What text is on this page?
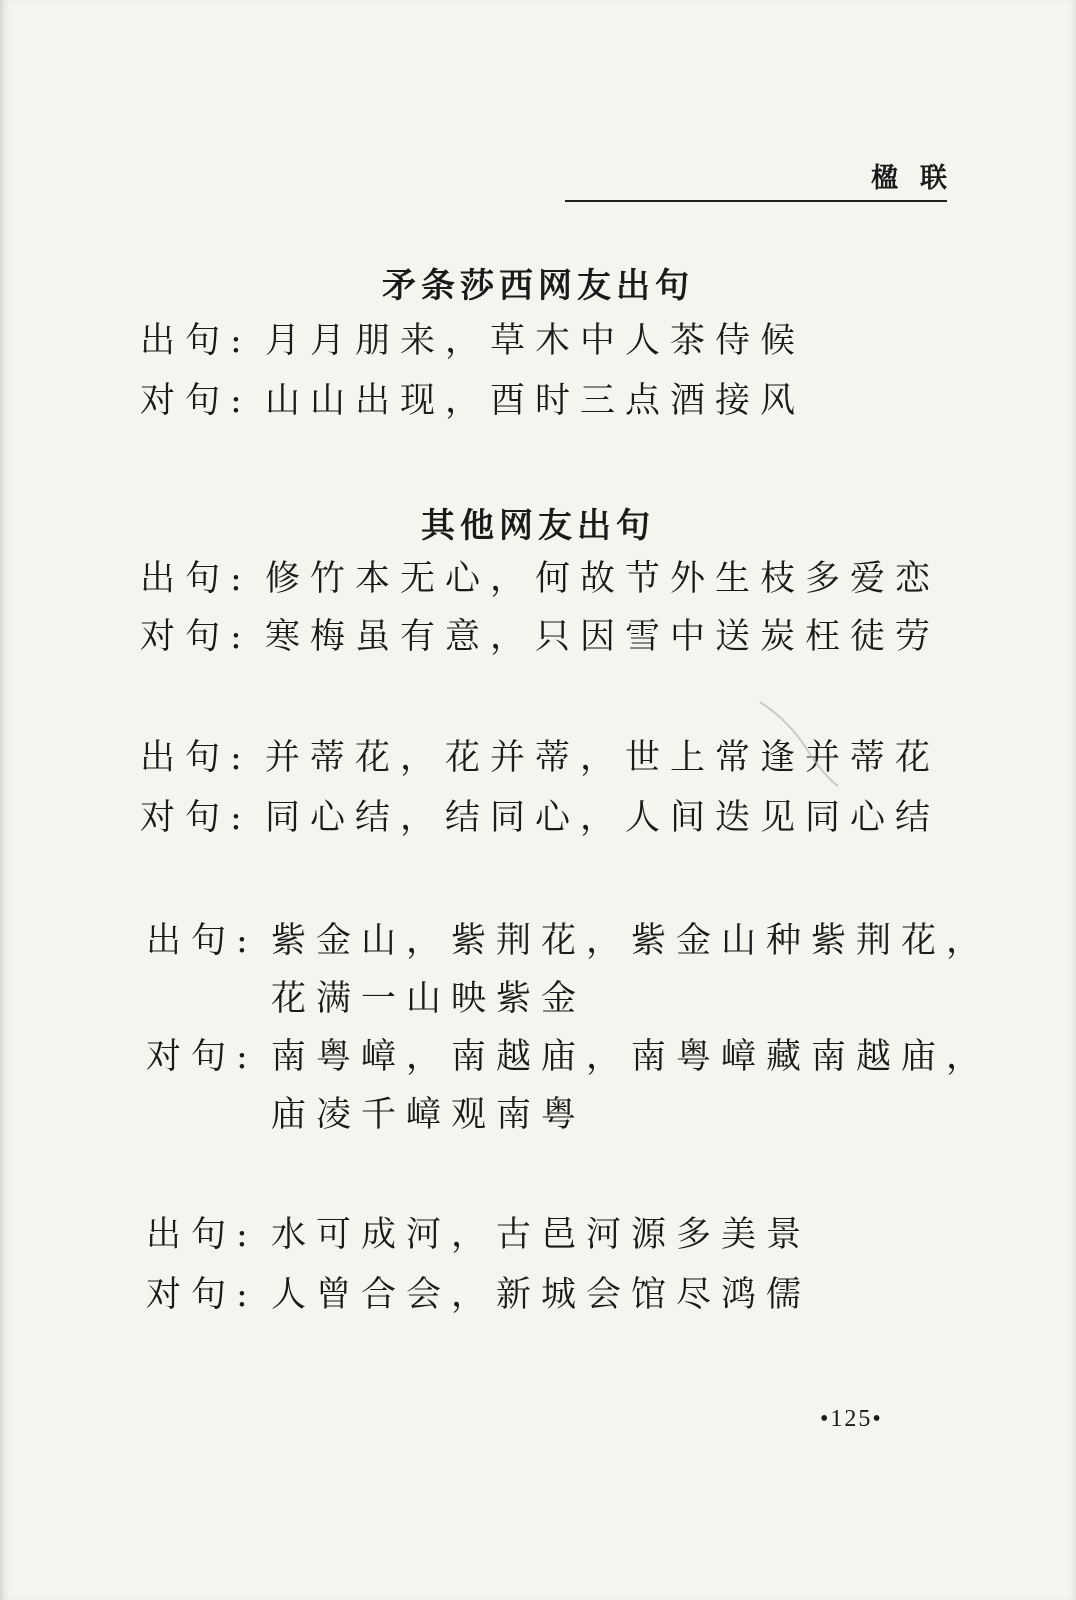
楹联
矛条莎西网友出句
出句: 月月朋来，草木中人茶侍候
对句: 山山出现，酉时三点酒接风
其他网友出句
出句: 修竹本无心，何故节外生枝多爱恋
对句: 寒梅虽有意，只因雪中送炭枉徒劳
出句: 并蒂花，花并蒂，世上常逢并蒂花
对句: 同心结，结同心，人间迭见同心结
出句: 紫金山，紫荆花，紫金山种紫荆花，
花满一山映紫金
对句: 南粤嶂，南越庙，南粤嶂藏南越庙，
庙凌千嶂观南粤
出句: 水可成河，古邑河源多美景
对句: 人曾合会，新城会馆尽鸿儒
•125•
